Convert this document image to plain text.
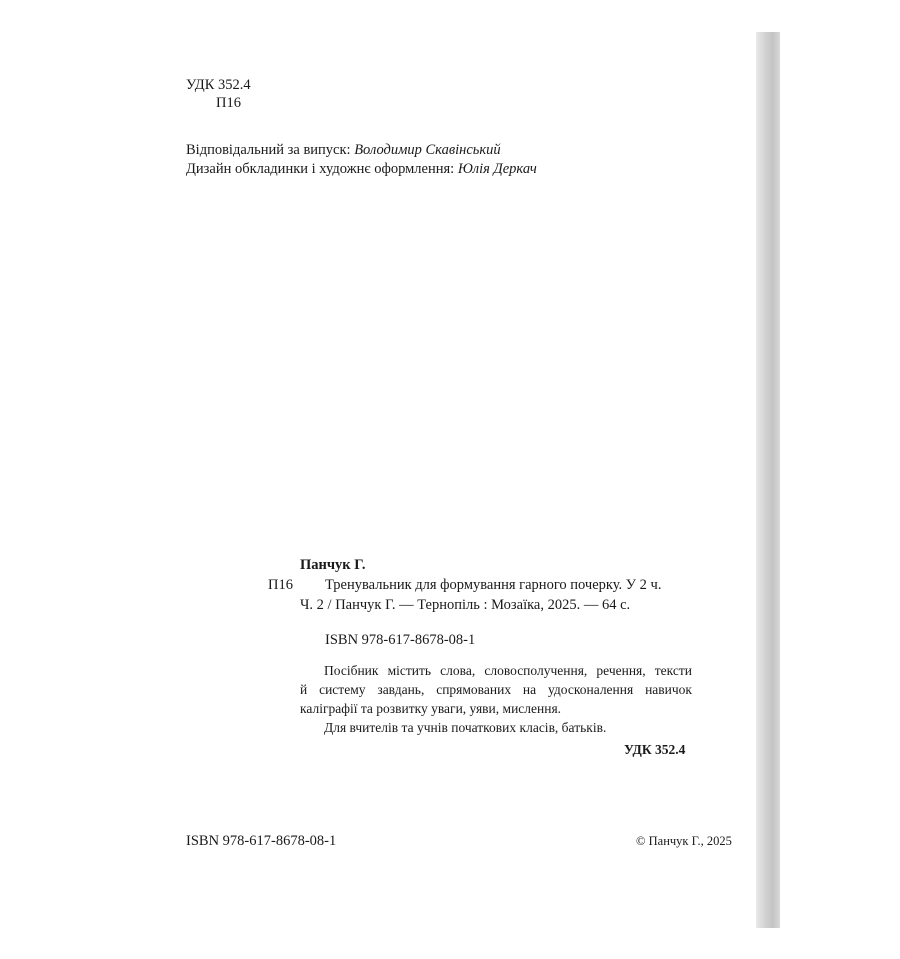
УДК 352.4
П16
Відповідальний за випуск: Володимир Скавінський
Дизайн обкладинки і художнє оформлення: Юлія Деркач
Панчук Г.
П16 Тренувальник для формування гарного почерку. У 2 ч.
Ч. 2 / Панчук Г. — Тернопіль : Мозаїка, 2025. — 64 с.
ISBN 978-617-8678-08-1
Посібник містить слова, словосполучення, речення, тексти
й систему завдань, спрямованих на удосконалення навичок
каліграфії та розвитку уваги, уяви, мислення.
Для вчителів та учнів початкових класів, батьків.
УДК 352.4
ISBN 978-617-8678-08-1	© Панчук Г., 2025
